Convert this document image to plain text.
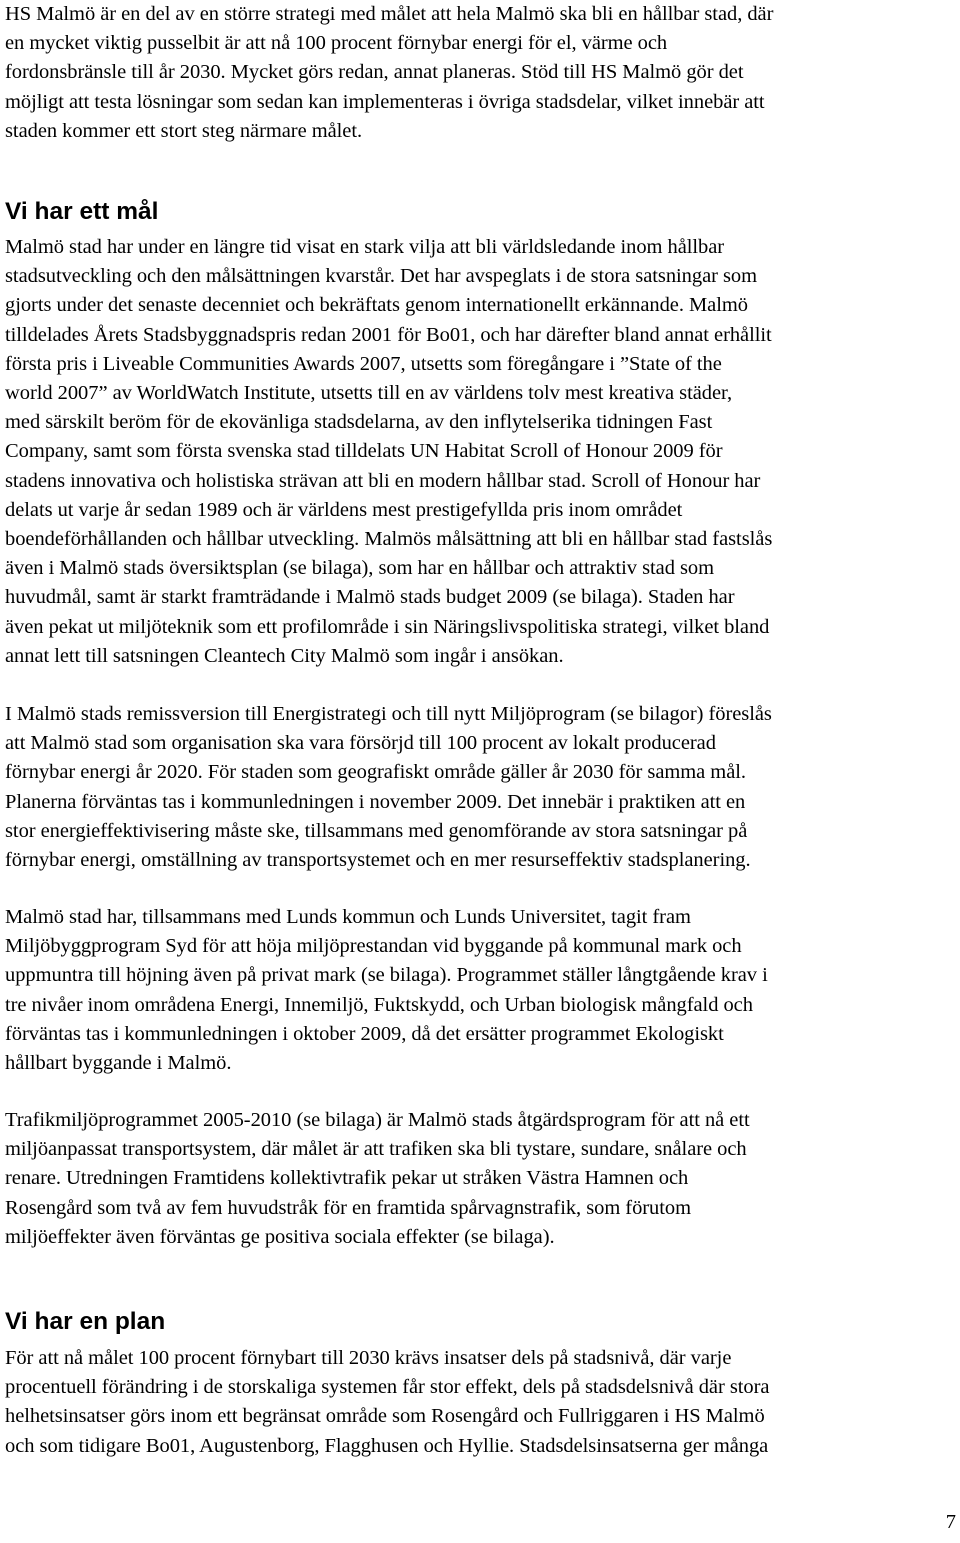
HS Malmö är en del av en större strategi med målet att hela Malmö ska bli en hållbar stad, där
en mycket viktig pusselbit är att nå 100 procent förnybar energi för el, värme och
fordonsbränsle till år 2030. Mycket görs redan, annat planeras. Stöd till HS Malmö gör det
möjligt att testa lösningar som sedan kan implementeras i övriga stadsdelar, vilket innebär att
staden kommer ett stort steg närmare målet.

Vi har ett mål

Malmö stad har under en längre tid visat en stark vilja att bli världsledande inom hållbar
stadsutveckling och den målsättningen kvarstår. Det har avspeglats i de stora satsningar som
gjorts under det senaste decenniet och bekräftats genom internationellt erkännande. Malmö
tilldelades Årets Stadsbyggnadspris redan 2001 för Bo01, och har därefter bland annat erhållit
första pris i Liveable Communities Awards 2007, utsetts som föregångare i ”State of the
world 2007” av WorldWatch Institute, utsetts till en av världens tolv mest kreativa städer,
med särskilt beröm för de ekovänliga stadsdelarna, av den inflytelserika tidningen Fast
Company, samt som första svenska stad tilldelats UN Habitat Scroll of Honour 2009 för
stadens innovativa och holistiska strävan att bli en modern hållbar stad. Scroll of Honour har
delats ut varje år sedan 1989 och är världens mest prestigefyllda pris inom området
boendeförhållanden och hållbar utveckling. Malmös målsättning att bli en hållbar stad fastslås
även i Malmö stads översiktsplan (se bilaga), som har en hållbar och attraktiv stad som
huvudmål, samt är starkt framträdande i Malmö stads budget 2009 (se bilaga). Staden har
även pekat ut miljöteknik som ett profilområde i sin Näringslivspolitiska strategi, vilket bland
annat lett till satsningen Cleantech City Malmö som ingår i ansökan.

I Malmö stads remissversion till Energistrategi och till nytt Miljöprogram (se bilagor) föreslås
att Malmö stad som organisation ska vara försörjd till 100 procent av lokalt producerad
förnybar energi år 2020. För staden som geografiskt område gäller år 2030 för samma mål.
Planerna förväntas tas i kommunledningen i november 2009. Det innebär i praktiken att en
stor energieffektivisering måste ske, tillsammans med genomförande av stora satsningar på
förnybar energi, omställning av transportsystemet och en mer resurseffektiv stadsplanering.

Malmö stad har, tillsammans med Lunds kommun och Lunds Universitet, tagit fram
Miljöbyggprogram Syd för att höja miljöprestandan vid byggande på kommunal mark och
uppmuntra till höjning även på privat mark (se bilaga). Programmet ställer långtgående krav i
tre nivåer inom områdena Energi, Innemiljö, Fuktskydd, och Urban biologisk mångfald och
förväntas tas i kommunledningen i oktober 2009, då det ersätter programmet Ekologiskt
hållbart byggande i Malmö.

Trafikmiljöprogrammet 2005-2010 (se bilaga) är Malmö stads åtgärdsprogram för att nå ett
miljöanpassat transportsystem, där målet är att trafiken ska bli tystare, sundare, snålare och
renare. Utredningen Framtidens kollektivtrafik pekar ut stråken Västra Hamnen och
Rosengård som två av fem huvudstråk för en framtida spårvagnstrafik, som förutom
miljöeffekter även förväntas ge positiva sociala effekter (se bilaga).

Vi har en plan

För att nå målet 100 procent förnybart till 2030 krävs insatser dels på stadsnivå, där varje
procentuell förändring i de storskaliga systemen får stor effekt, dels på stadsdelsnivå där stora
helhetsinsatser görs inom ett begränsat område som Rosengård och Fullriggaren i HS Malmö
och som tidigare Bo01, Augustenborg, Flagghusen och Hyllie. Stadsdelsinsatserna ger många

7
